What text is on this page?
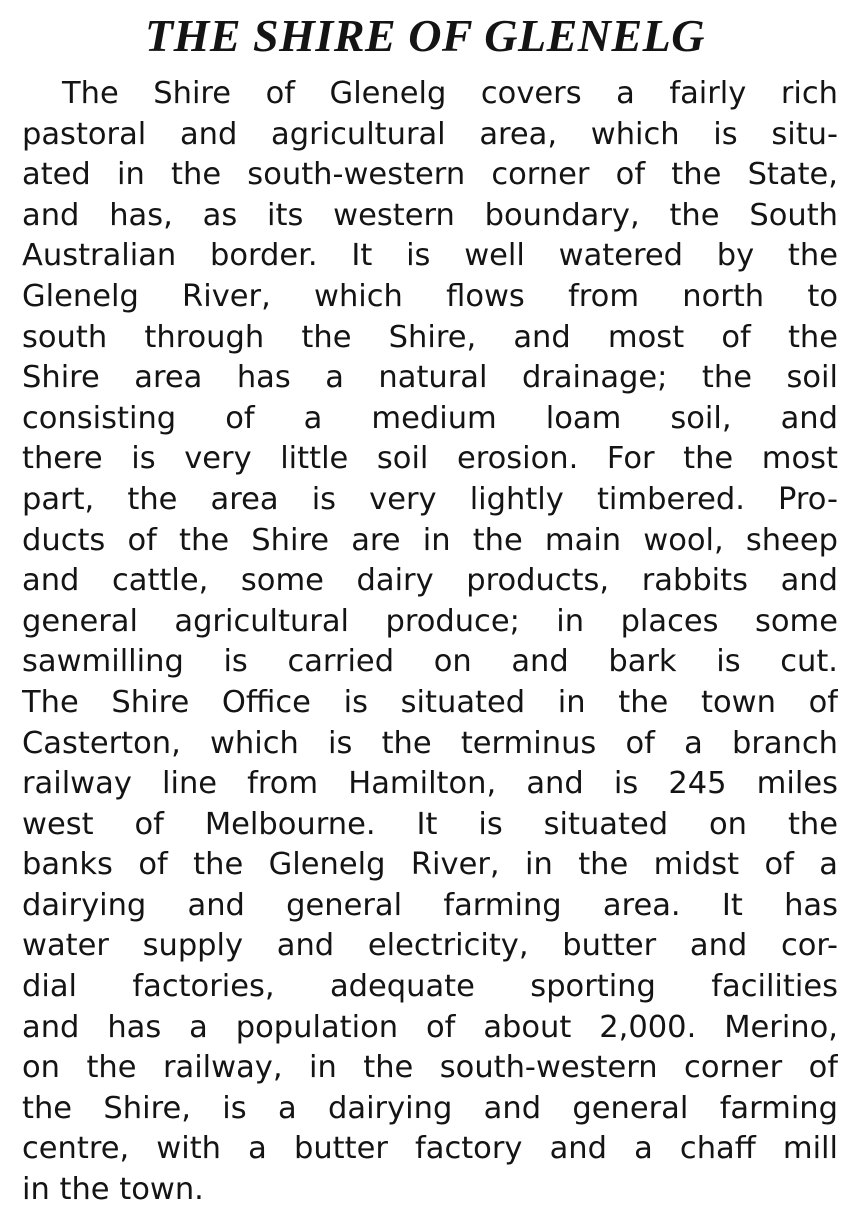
THE SHIRE OF GLENELG
The Shire of Glenelg covers a fairly rich
pastoral and agricultural area, which is situ-
ated in the south-western corner of the State,
and has, as its western boundary, the South
Australian border. It is well watered by the
Glenelg River, which flows from north to
south through the Shire, and most of the
Shire area has a natural drainage; the soil
consisting of a medium loam soil, and
there is very little soil erosion. For the most
part, the area is very lightly timbered. Pro-
ducts of the Shire are in the main wool, sheep
and cattle, some dairy products, rabbits and
general agricultural produce; in places some
sawmilling is carried on and bark is cut.
The Shire Office is situated in the town of
Casterton, which is the terminus of a branch
railway line from Hamilton, and is 245 miles
west of Melbourne. It is situated on the
banks of the Glenelg River, in the midst of a
dairying and general farming area. It has
water supply and electricity, butter and cor-
dial factories, adequate sporting facilities
and has a population of about 2,000. Merino,
on the railway, in the south-western corner of
the Shire, is a dairying and general farming
centre, with a butter factory and a chaff mill
in the town.
